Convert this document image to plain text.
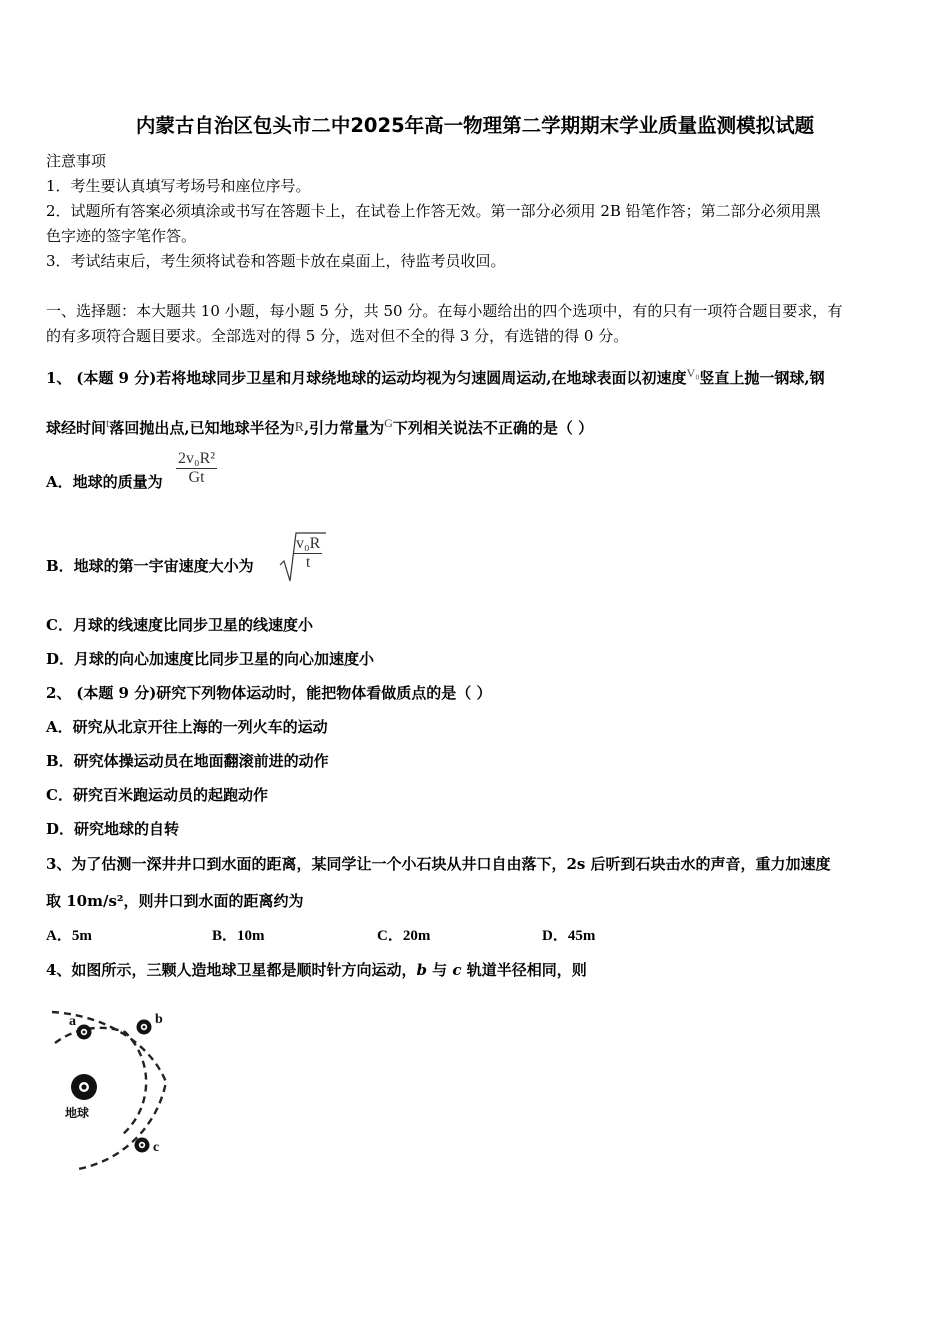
内蒙古自治区包头市二中2025年高一物理第二学期期末学业质量监测模拟试题
注意事项
1．考生要认真填写考场号和座位序号。
2．试题所有答案必须填涂或书写在答题卡上，在试卷上作答无效。第一部分必须用 2B 铅笔作答；第二部分必须用黑
色字迹的签字笔作答。
3．考试结束后，考生须将试卷和答题卡放在桌面上，待监考员收回。
一、选择题：本大题共 10 小题，每小题 5 分，共 50 分。在每小题给出的四个选项中，有的只有一项符合题目要求，有
的有多项符合题目要求。全部选对的得 5 分，选对但不全的得 3 分，有选错的得 0 分。
1、 (本题 9 分)若将地球同步卫星和月球绕地球的运动均视为匀速圆周运动,在地球表面以初速度$^{V_0}$竖直上抛一钢球,钢
球经时间$^t$落回抛出点,已知地球半径为R,引力常量为$^G$下列相关说法不正确的是（ ）
A．地球的质量为 $\frac{\text{2v₀R²}}{Gt}$
B．地球的第一宇宙速度大小为	$\frac{\text{v₀R}}{t}$
C．月球的线速度比同步卫星的线速度小
D．月球的向心加速度比同步卫星的向心加速度小
2、 (本题 9 分)研究下列物体运动时，能把物体看做质点的是（ ）
A．研究从北京开往上海的一列火车的运动
B．研究体操运动员在地面翻滚前进的动作
C．研究百米跑运动员的起跑动作
D．研究地球的自转
3、为了估测一深井井口到水面的距离，某同学让一个小石块从井口自由落下，2s 后听到石块击水的声音，重力加速度
取 10m/s²，则井口到水面的距离约为
A．5m	B．10m	C．20m	D．45m
4、如图所示，三颗人造地球卫星都是顺时针方向运动，b 与 c 轨道半径相同，则
地球
a	b
c
